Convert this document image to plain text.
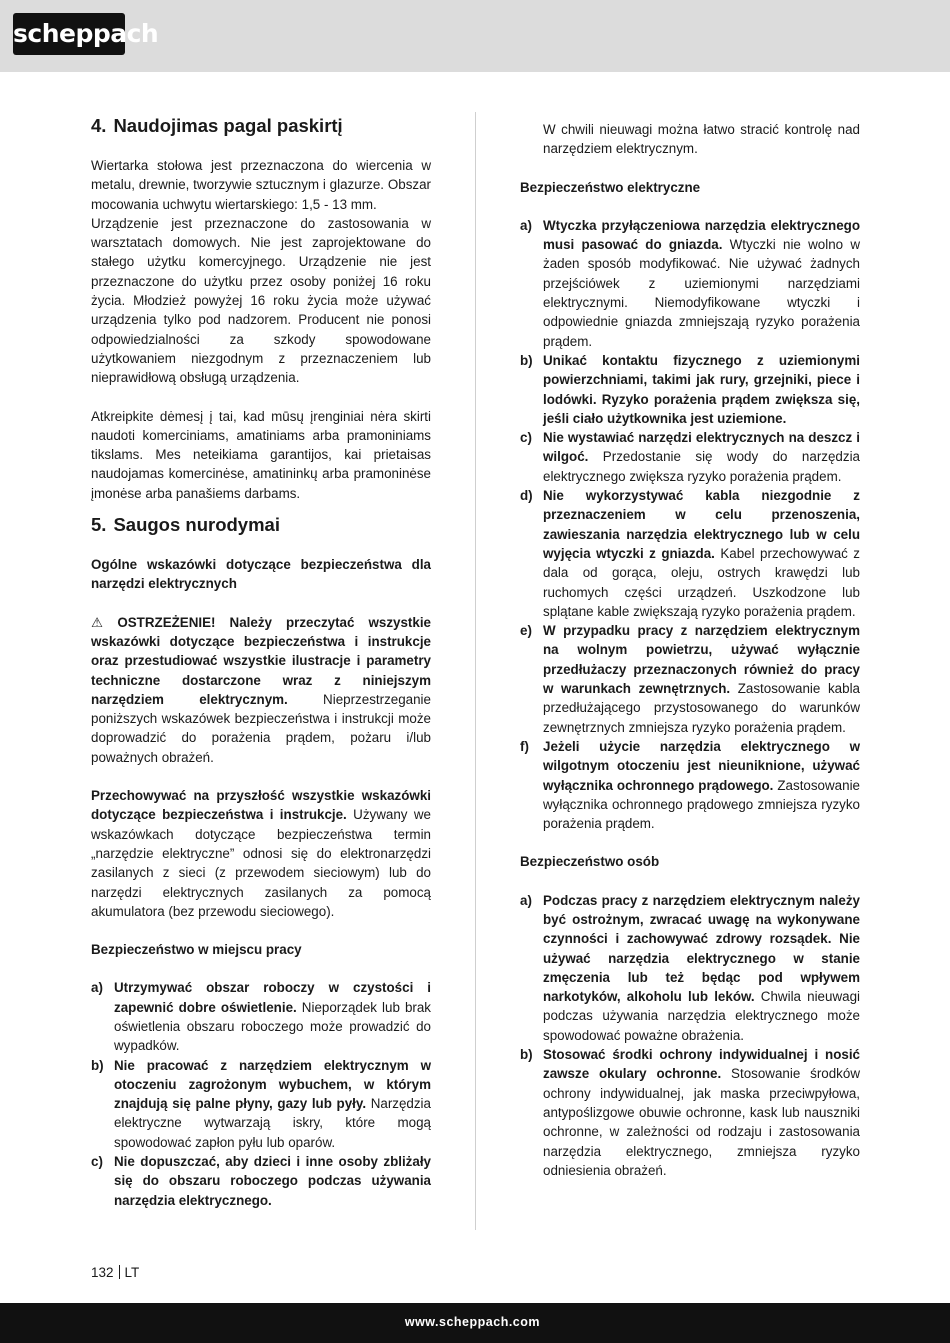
scheppach
4. Naudojimas pagal paskirtį

Wiertarka stołowa jest przeznaczona do wiercenia w metalu, drewnie, tworzywie sztucznym i glazurze. Obszar mocowania uchwytu wiertarskiego: 1,5 - 13 mm.

Urządzenie jest przeznaczone do zastosowania w warsztatach domowych. Nie jest zaprojektowane do stałego użytku komercyjnego. Urządzenie nie jest przeznaczone do użytku przez osoby poniżej 16 roku życia. Młodzież powyżej 16 roku życia może używać urządzenia tylko pod nadzorem. Producent nie ponosi odpowiedzialności za szkody spowodowane użytkowaniem niezgodnym z przeznaczeniem lub nieprawidłową obsługą urządzenia.

Atkreipkite dėmesį į tai, kad mūsų įrenginiai nėra skirti naudoti komerciniams, amatiniams arba pramoniniams tikslams. Mes neteikiama garantijos, kai prietaisas naudojamas komercinėse, amatininkų arba pramoninėse įmonėse arba panašiems darbams.

5. Saugos nurodymai

Ogólne wskazówki dotyczące bezpieczeństwa dla narzędzi elektrycznych

⚠ OSTRZEŻENIE! Należy przeczytać wszystkie wskazówki dotyczące bezpieczeństwa i instrukcje oraz przestudiować wszystkie ilustracje i parametry techniczne dostarczone wraz z niniejszym narzędziem elektrycznym. Nieprzestrzeganie poniższych wskazówek bezpieczeństwa i instrukcji może doprowadzić do porażenia prądem, pożaru i/lub poważnych obrażeń.

Przechowywać na przyszłość wszystkie wskazówki dotyczące bezpieczeństwa i instrukcje. Używany we wskazówkach dotyczące bezpieczeństwa termin „narzędzie elektryczne” odnosi się do elektronarzędzi zasilanych z sieci (z przewodem sieciowym) lub do narzędzi elektrycznych zasilanych za pomocą akumulatora (bez przewodu sieciowego).

Bezpieczeństwo w miejscu pracy

a) Utrzymywać obszar roboczy w czystości i zapewnić dobre oświetlenie. Nieporządek lub brak oświetlenia obszaru roboczego może prowadzić do wypadków.
b) Nie pracować z narzędziem elektrycznym w otoczeniu zagrożonym wybuchem, w którym znajdują się palne płyny, gazy lub pyły. Narzędzia elektryczne wytwarzają iskry, które mogą spowodować zapłon pyłu lub oparów.
c) Nie dopuszczać, aby dzieci i inne osoby zbliżały się do obszaru roboczego podczas używania narzędzia elektrycznego.

W chwili nieuwagi można łatwo stracić kontrolę nad narzędziem elektrycznym.

Bezpieczeństwo elektryczne

a) Wtyczka przyłączeniowa narzędzia elektrycznego musi pasować do gniazda. Wtyczki nie wolno w żaden sposób modyfikować. Nie używać żadnych przejściówek z uziemionymi narzędziami elektrycznymi. Niemodyfikowane wtyczki i odpowiednie gniazda zmniejszają ryzyko porażenia prądem.
b) Unikać kontaktu fizycznego z uziemionymi powierzchniami, takimi jak rury, grzejniki, piece i lodówki. Ryzyko porażenia prądem zwiększa się, jeśli ciało użytkownika jest uziemione.
c) Nie wystawiać narzędzi elektrycznych na deszcz i wilgoć. Przedostanie się wody do narzędzia elektrycznego zwiększa ryzyko porażenia prądem.
d) Nie wykorzystywać kabla niezgodnie z przeznaczeniem w celu przenoszenia, zawieszania narzędzia elektrycznego lub w celu wyjęcia wtyczki z gniazda. Kabel przechowywać z dala od gorąca, oleju, ostrych krawędzi lub ruchomych części urządzeń. Uszkodzone lub splątane kable zwiększają ryzyko porażenia prądem.
e) W przypadku pracy z narzędziem elektrycznym na wolnym powietrzu, używać wyłącznie przedłużaczy przeznaczonych również do pracy w warunkach zewnętrznych. Zastosowanie kabla przedłużającego przystosowanego do warunków zewnętrznych zmniejsza ryzyko porażenia prądem.
f) Jeżeli użycie narzędzia elektrycznego w wilgotnym otoczeniu jest nieuniknione, używać wyłącznika ochronnego prądowego. Zastosowanie wyłącznika ochronnego prądowego zmniejsza ryzyko porażenia prądem.

Bezpieczeństwo osób

a) Podczas pracy z narzędziem elektrycznym należy być ostrożnym, zwracać uwagę na wykonywane czynności i zachowywać zdrowy rozsądek. Nie używać narzędzia elektrycznego w stanie zmęczenia lub też będąc pod wpływem narkotyków, alkoholu lub leków. Chwila nieuwagi podczas używania narzędzia elektrycznego może spowodować poważne obrażenia.
b) Stosować środki ochrony indywidualnej i nosić zawsze okulary ochronne. Stosowanie środków ochrony indywidualnej, jak maska przeciwpyłowa, antypoślizgowe obuwie ochronne, kask lub nauszniki ochronne, w zależności od rodzaju i zastosowania narzędzia elektrycznego, zmniejsza ryzyko odniesienia obrażeń.
132 LT
www.scheppach.com
